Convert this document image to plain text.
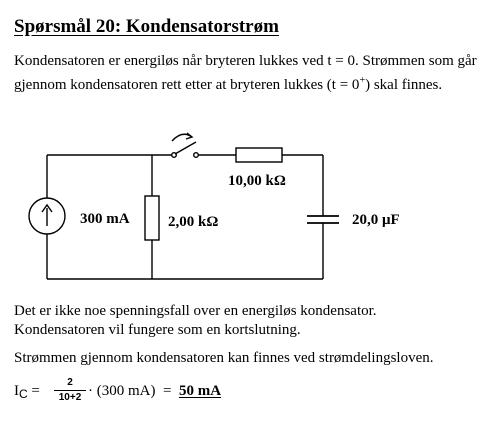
Spørsmål 20: Kondensatorstrøm
Kondensatoren er energiløs når bryteren lukkes ved t = 0. Strømmen som går gjennom kondensatoren rett etter at bryteren lukkes (t = 0+) skal finnes.
300 mA	2,00 kΩ
10,00 kΩ
20,0 μF
Det er ikke noe spenningsfall over en energiløs kondensator.
Kondensatoren vil fungere som en kortslutning.
Strømmen gjennom kondensatoren kan finnes ved strømdelingsloven.
$I_C$ =
2
10+2 · (300 mA)  =  50 mA
